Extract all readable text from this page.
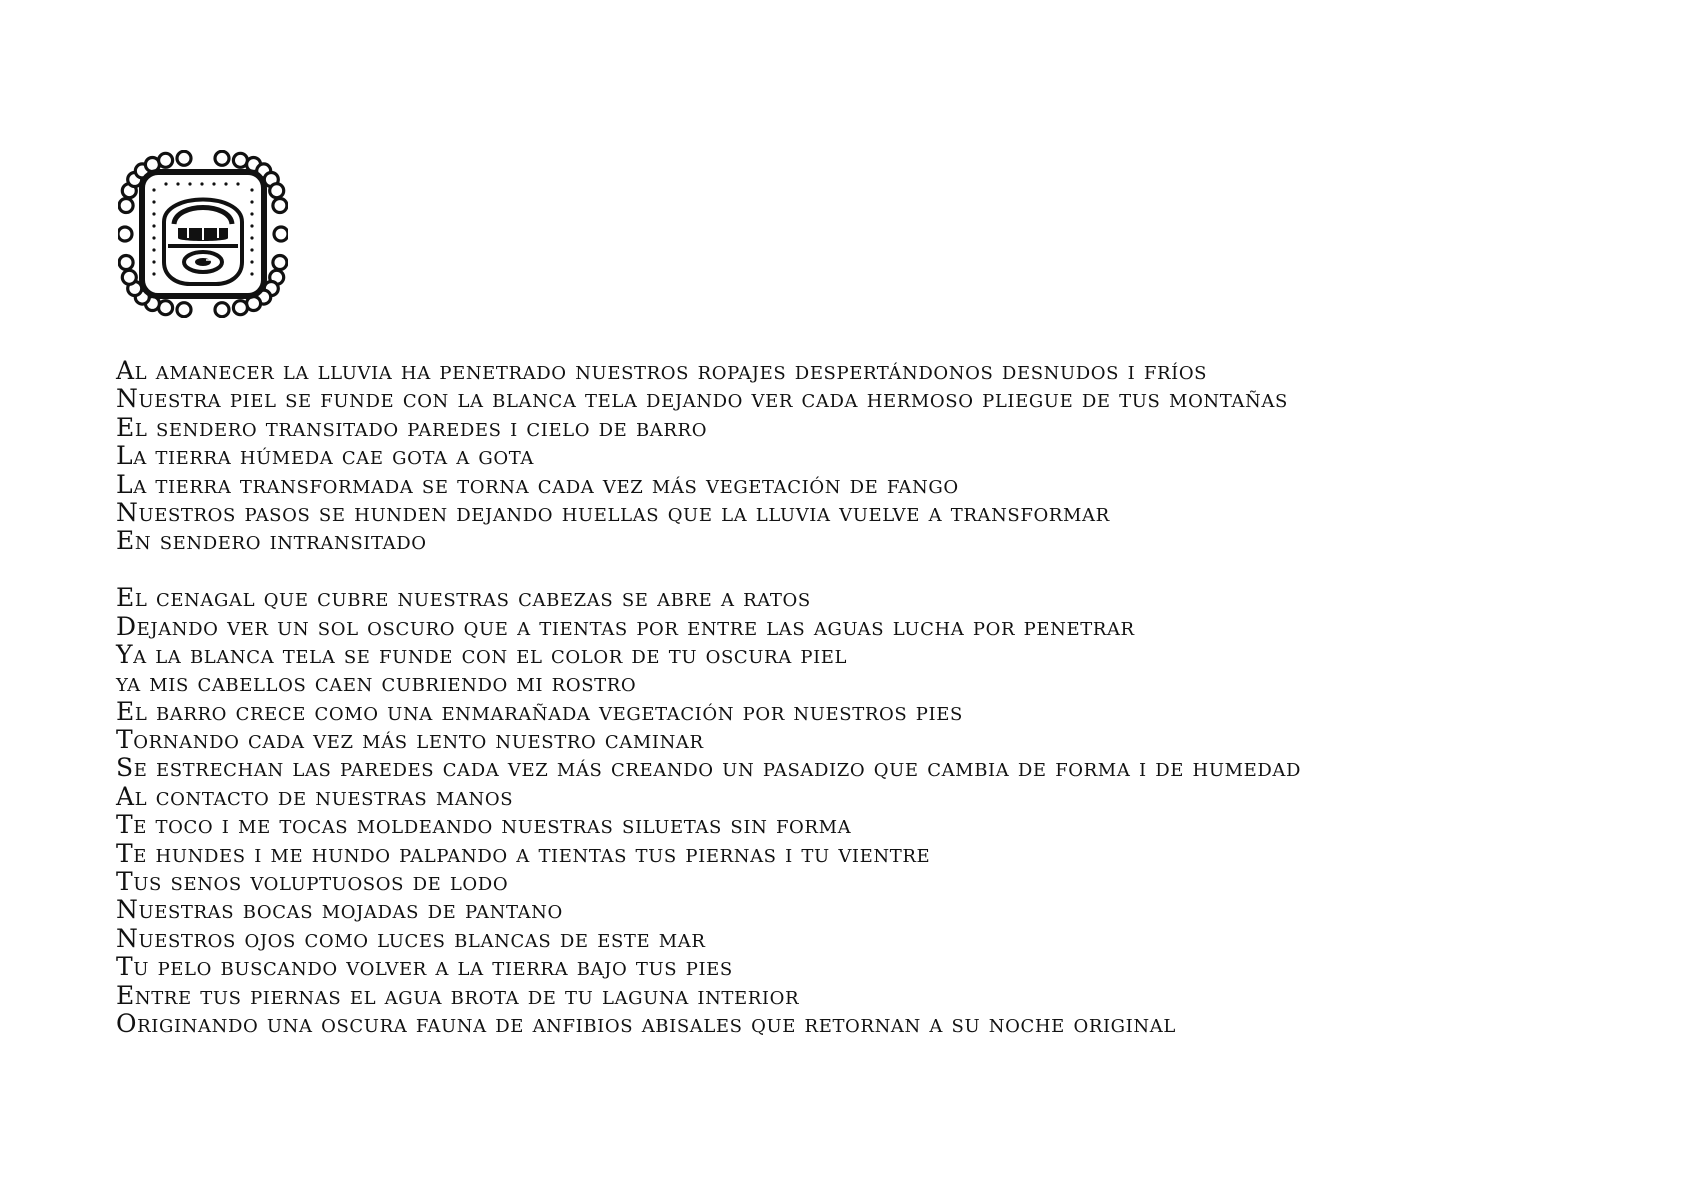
Al amanecer la lluvia ha penetrado nuestros ropajes despertándonos desnudos i fríos
Nuestra piel se funde con la blanca tela dejando ver cada hermoso pliegue de tus montañas
El sendero transitado paredes i cielo de barro
La tierra húmeda cae gota a gota
La tierra transformada se torna cada vez más vegetación de fango
Nuestros pasos se hunden dejando huellas que la lluvia vuelve a transformar
En sendero intransitado
El cenagal que cubre nuestras cabezas se abre a ratos
Dejando ver un sol oscuro que a tientas por entre las aguas lucha por penetrar
Ya la blanca tela se funde con el color de tu oscura piel
ya mis cabellos caen cubriendo mi rostro
El barro crece como una enmarañada vegetación por nuestros pies
Tornando cada vez más lento nuestro caminar
Se estrechan las paredes cada vez más creando un pasadizo que cambia de forma i de humedad
Al contacto de nuestras manos
Te toco i me tocas moldeando nuestras siluetas sin forma
Te hundes i me hundo palpando a tientas tus piernas i tu vientre
Tus senos voluptuosos de lodo
Nuestras bocas mojadas de pantano
Nuestros ojos como luces blancas de este mar
Tu pelo buscando volver a la tierra bajo tus pies
Entre tus piernas el agua brota de tu laguna interior
Originando una oscura fauna de anfibios abisales que retornan a su noche original
